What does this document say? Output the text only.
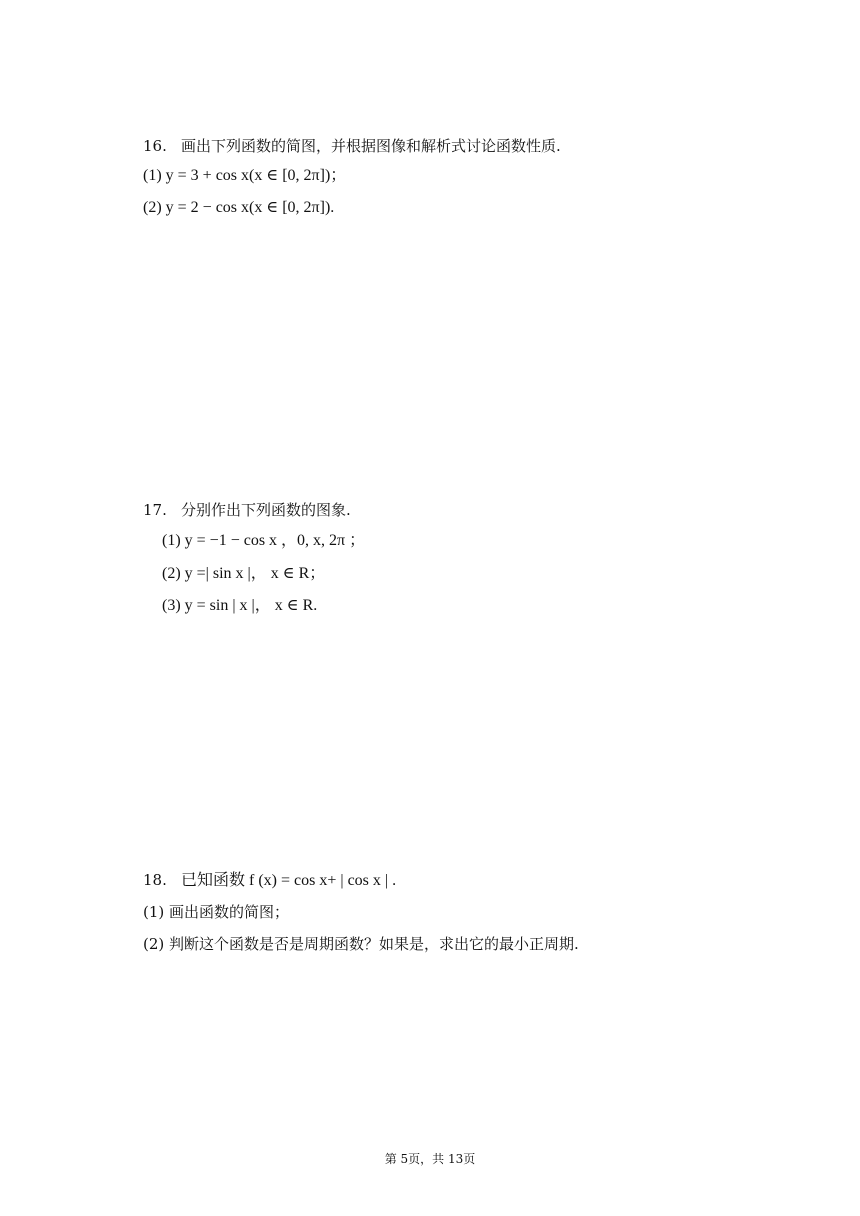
16. 画出下列函数的简图，并根据图像和解析式讨论函数性质.
(1) y = 3 + cos x(x ∈ [0, 2π])；
(2) y = 2 − cos x(x ∈ [0, 2π]).
17. 分别作出下列函数的图象.
(1) y = −1 − cos x ，0, x, 2π ；
(2) y =| sin x |， x ∈ R；
(3) y = sin | x |， x ∈ R.
18. 已知函数 f (x) = cos x+ | cos x | .
(1) 画出函数的简图；
(2) 判断这个函数是否是周期函数？如果是，求出它的最小正周期.
第 5页，共 13页
